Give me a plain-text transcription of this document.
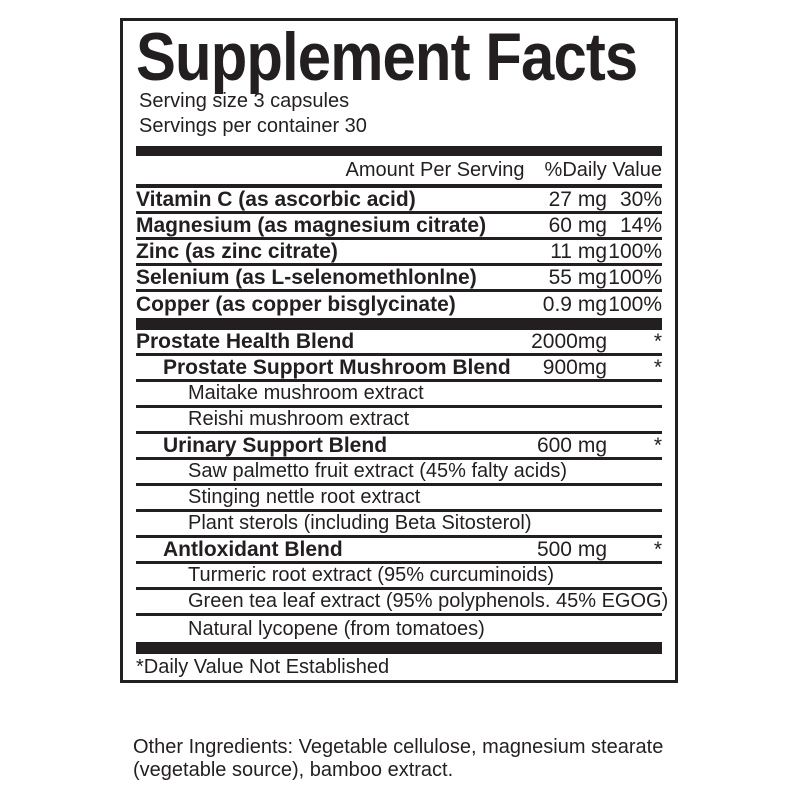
Supplement Facts
Serving size 3 capsules
Servings per container 30
Amount Per Serving %Daily Value
Vitamin C (as ascorbic acid)	27 mg 30%
Magnesium (as magnesium citrate)	60 mg 14%
Zinc (as zinc citrate)	11 mg 100%
Selenium (as L-selenomethlonlne)	55 mg 100%
Copper (as copper bisglycinate)	0.9 mg 100%
Prostate Health Blend	2000mg	*
Prostate Support Mushroom Blend	900mg	*
Maitake mushroom extract
Reishi mushroom extract
Urinary Support Blend	600 mg	*
Saw palmetto fruit extract (45% falty acids)
Stinging nettle root extract
Plant sterols (including Beta Sitosterol)
Antloxidant Blend	500 mg	*
Turmeric root extract (95% curcuminoids)
Green tea leaf extract (95% polyphenols. 45% EGOG)
Natural lycopene (from tomatoes)
*Daily Value Not Established
Other Ingredients: Vegetable cellulose, magnesium stearate (vegetable source), bamboo extract.
